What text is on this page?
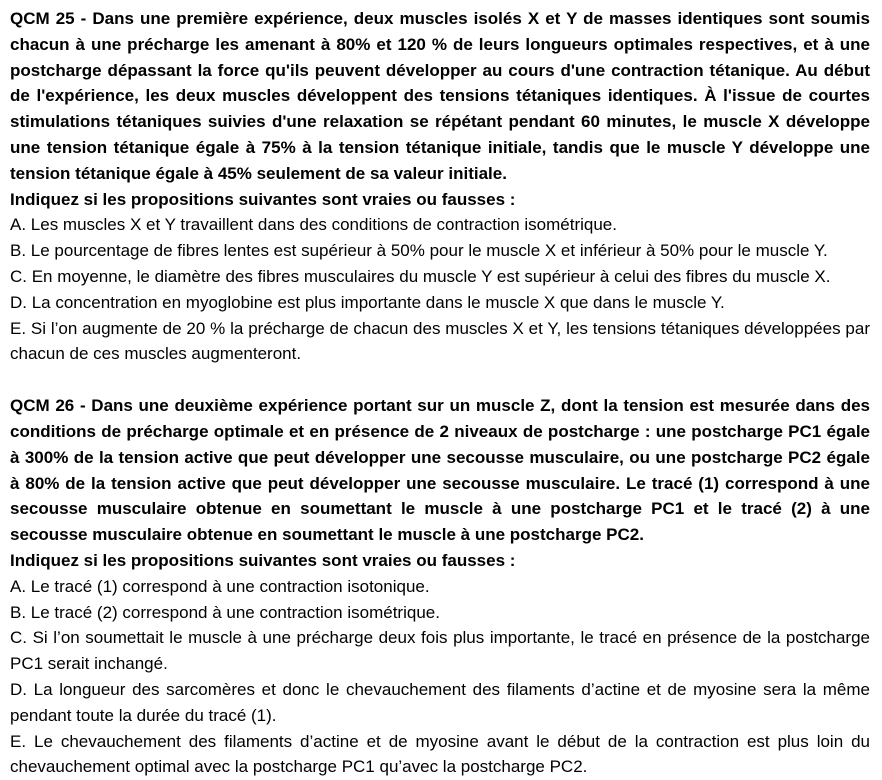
QCM 25 - Dans une première expérience, deux muscles isolés X et Y de masses identiques sont soumis chacun à une précharge les amenant à 80% et 120 % de leurs longueurs optimales respectives, et à une postcharge dépassant la force qu'ils peuvent développer au cours d'une contraction tétanique. Au début de l'expérience, les deux muscles développent des tensions tétaniques identiques. À l'issue de courtes stimulations tétaniques suivies d'une relaxation se répétant pendant 60 minutes, le muscle X développe une tension tétanique égale à 75% à la tension tétanique initiale, tandis que le muscle Y développe une tension tétanique égale à 45% seulement de sa valeur initiale.

Indiquez si les propositions suivantes sont vraies ou fausses :

A. Les muscles X et Y travaillent dans des conditions de contraction isométrique.
B. Le pourcentage de fibres lentes est supérieur à 50% pour le muscle X et inférieur à 50% pour le muscle Y.
C. En moyenne, le diamètre des fibres musculaires du muscle Y est supérieur à celui des fibres du muscle X.
D. La concentration en myoglobine est plus importante dans le muscle X que dans le muscle Y.
E. Si l’on augmente de 20 % la précharge de chacun des muscles X et Y, les tensions tétaniques développées par chacun de ces muscles augmenteront.

QCM 26 - Dans une deuxième expérience portant sur un muscle Z, dont la tension est mesurée dans des conditions de précharge optimale et en présence de 2 niveaux de postcharge : une postcharge PC1 égale à 300% de la tension active que peut développer une secousse musculaire, ou une postcharge PC2 égale à 80% de la tension active que peut développer une secousse musculaire. Le tracé (1) correspond à une secousse musculaire obtenue en soumettant le muscle à une postcharge PC1 et le tracé (2) à une secousse musculaire obtenue en soumettant le muscle à une postcharge PC2.

Indiquez si les propositions suivantes sont vraies ou fausses :

A. Le tracé (1) correspond à une contraction isotonique.
B. Le tracé (2) correspond à une contraction isométrique.
C. Si l’on soumettait le muscle à une précharge deux fois plus importante, le tracé en présence de la postcharge PC1 serait inchangé.
D. La longueur des sarcomères et donc le chevauchement des filaments d’actine et de myosine sera la même pendant toute la durée du tracé (1).
E. Le chevauchement des filaments d’actine et de myosine avant le début de la contraction est plus loin du chevauchement optimal avec la postcharge PC1 qu’avec la postcharge PC2.
